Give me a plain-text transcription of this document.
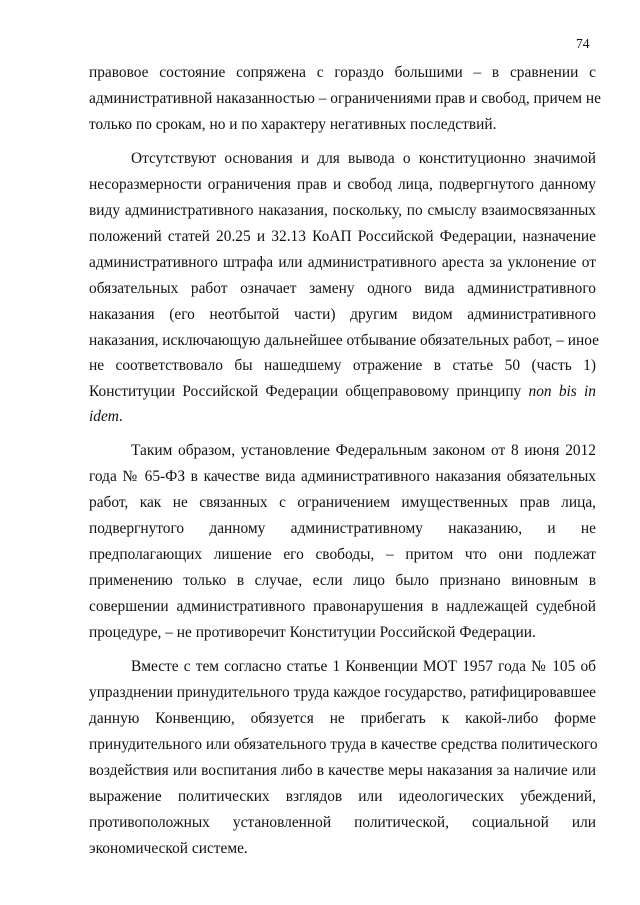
74
правовое состояние сопряжена с гораздо большими – в сравнении с
административной наказанностью – ограничениями прав и свобод, причем не
только по срокам, но и по характеру негативных последствий.
Отсутствуют основания и для вывода о конституционно значимой
несоразмерности ограничения прав и свобод лица, подвергнутого данному
виду административного наказания, поскольку, по смыслу взаимосвязанных
положений статей 20.25 и 32.13 КоАП Российской Федерации, назначение
административного штрафа или административного ареста за уклонение от
обязательных работ означает замену одного вида административного
наказания (его неотбытой части) другим видом административного
наказания, исключающую дальнейшее отбывание обязательных работ, – иное
не соответствовало бы нашедшему отражение в статье 50 (часть 1)
Конституции Российской Федерации общеправовому принципу non bis in
idem.
Таким образом, установление Федеральным законом от 8 июня 2012
года № 65-ФЗ в качестве вида административного наказания обязательных
работ, как не связанных с ограничением имущественных прав лица,
подвергнутого данному административному наказанию, и не
предполагающих лишение его свободы, – притом что они подлежат
применению только в случае, если лицо было признано виновным в
совершении административного правонарушения в надлежащей судебной
процедуре, – не противоречит Конституции Российской Федерации.
Вместе с тем согласно статье 1 Конвенции МОТ 1957 года № 105 об
упразднении принудительного труда каждое государство, ратифицировавшее
данную Конвенцию, обязуется не прибегать к какой-либо форме
принудительного или обязательного труда в качестве средства политического
воздействия или воспитания либо в качестве меры наказания за наличие или
выражение политических взглядов или идеологических убеждений,
противоположных установленной политической, социальной или
экономической системе.
